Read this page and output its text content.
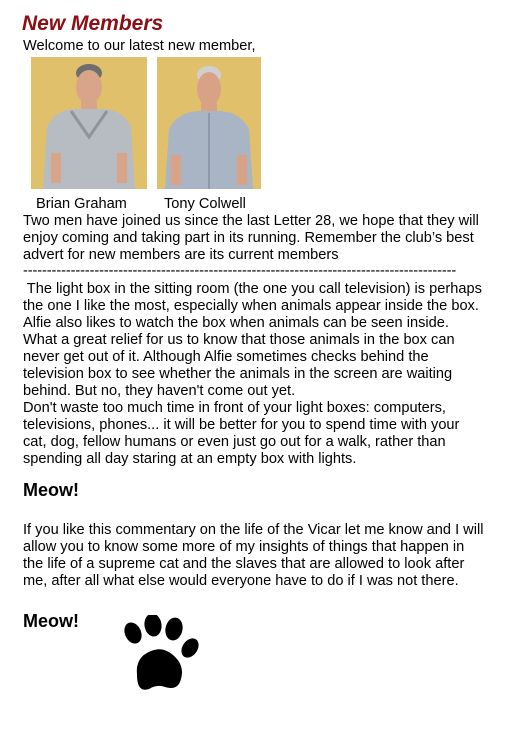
New Members
Welcome to our latest new member,
Brian Graham	Tony Colwell
Two men have joined us since the last Letter 28, we hope that they will
enjoy coming and taking part in its running. Remember the club’s best
advert for new members are its current members
-------------------------------------------------------------------------------------------
The light box in the sitting room (the one you call television) is perhaps
the one I like the most, especially when animals appear inside the box.
Alfie also likes to watch the box when animals can be seen inside.
What a great relief for us to know that those animals in the box can
never get out of it. Although Alfie sometimes checks behind the
television box to see whether the animals in the screen are waiting
behind. But no, they haven't come out yet.
Don't waste too much time in front of your light boxes: computers,
televisions, phones... it will be better for you to spend time with your
cat, dog, fellow humans or even just go out for a walk, rather than
spending all day staring at an empty box with lights.
Meow!
If you like this commentary on the life of the Vicar let me know and I will
allow you to know some more of my insights of things that happen in
the life of a supreme cat and the slaves that are allowed to look after
me, after all what else would everyone have to do if I was not there.
Meow!
